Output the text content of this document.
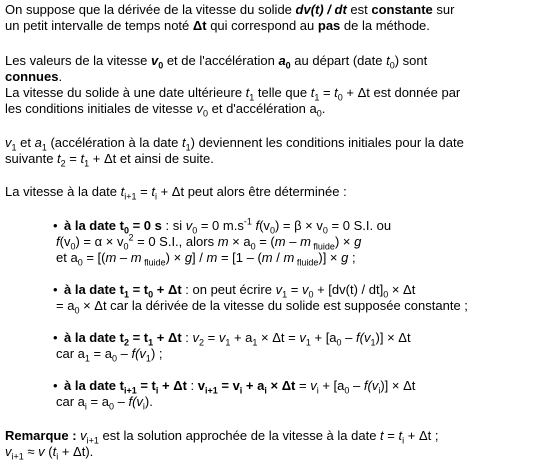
On suppose que la dérivée de la vitesse du solide dv(t) / dt est constante sur
un petit intervalle de temps noté Δt qui correspond au pas de la méthode.
Les valeurs de la vitesse $v_0$ et de l'accélération $a_0$ au départ (date $t_0$) sont
connues.
La vitesse du solide à une date ultérieure $t_1$ telle que $t_1 = t_0 + \Delta t$ est donnée par
les conditions initiales de vitesse $v_0$ et d'accélération $a_0$.
$v_1$ et $a_1$ (accélération à la date $t_1$) deviennent les conditions initiales pour la date
suivante $t_2 = t_1 + \Delta t$ et ainsi de suite.
La vitesse à la date $t_{i+1} = t_i + \Delta t$ peut alors être déterminée :
• à la date $t_0 = 0$ s : si $v_0 = 0$ $m.s^{-1}$ $f(v_0) = \beta \times v_0 = 0$ S.I. ou
$f(v_0) = \alpha \times v_0^2 = 0$ S.I., alors $m \times a_0 = (m - m$ $_{fluide}$) × g
et $a_0 = [(m - m$ $_{fluide}$) × g] / m = [1 – (m / m $_{fluide}$)] × g ;
• à la date $t_1 = t_0 + \Delta t$ : on peut écrire $v_1 = v_0 + [dv(t) / dt]_0 \times \Delta t$
= $a_0 \times \Delta t$ car la dérivée de la vitesse du solide est supposée constante ;
• à la date $t_2 = t_1 + \Delta t$ : $v_2 = v_1 + a_1 \times \Delta t = v_1 + [a_0 - f(v_1)] \times \Delta t$
car $a_1 = a_0 - f(v_1)$ ;
• à la date $t_{i+1} = t_i + \Delta t$ : $v_{i+1} = v_i + a_i \times \Delta t = v_i + [a_0 - f(v_i)] \times \Delta t$
car $a_i = a_0 - f(v_i)$.
Remarque : $v_{i+1}$ est la solution approchée de la vitesse à la date $t = t_i + \Delta t$ ;
$v_{i+1} \approx v$ $(t_i + \Delta t)$.
